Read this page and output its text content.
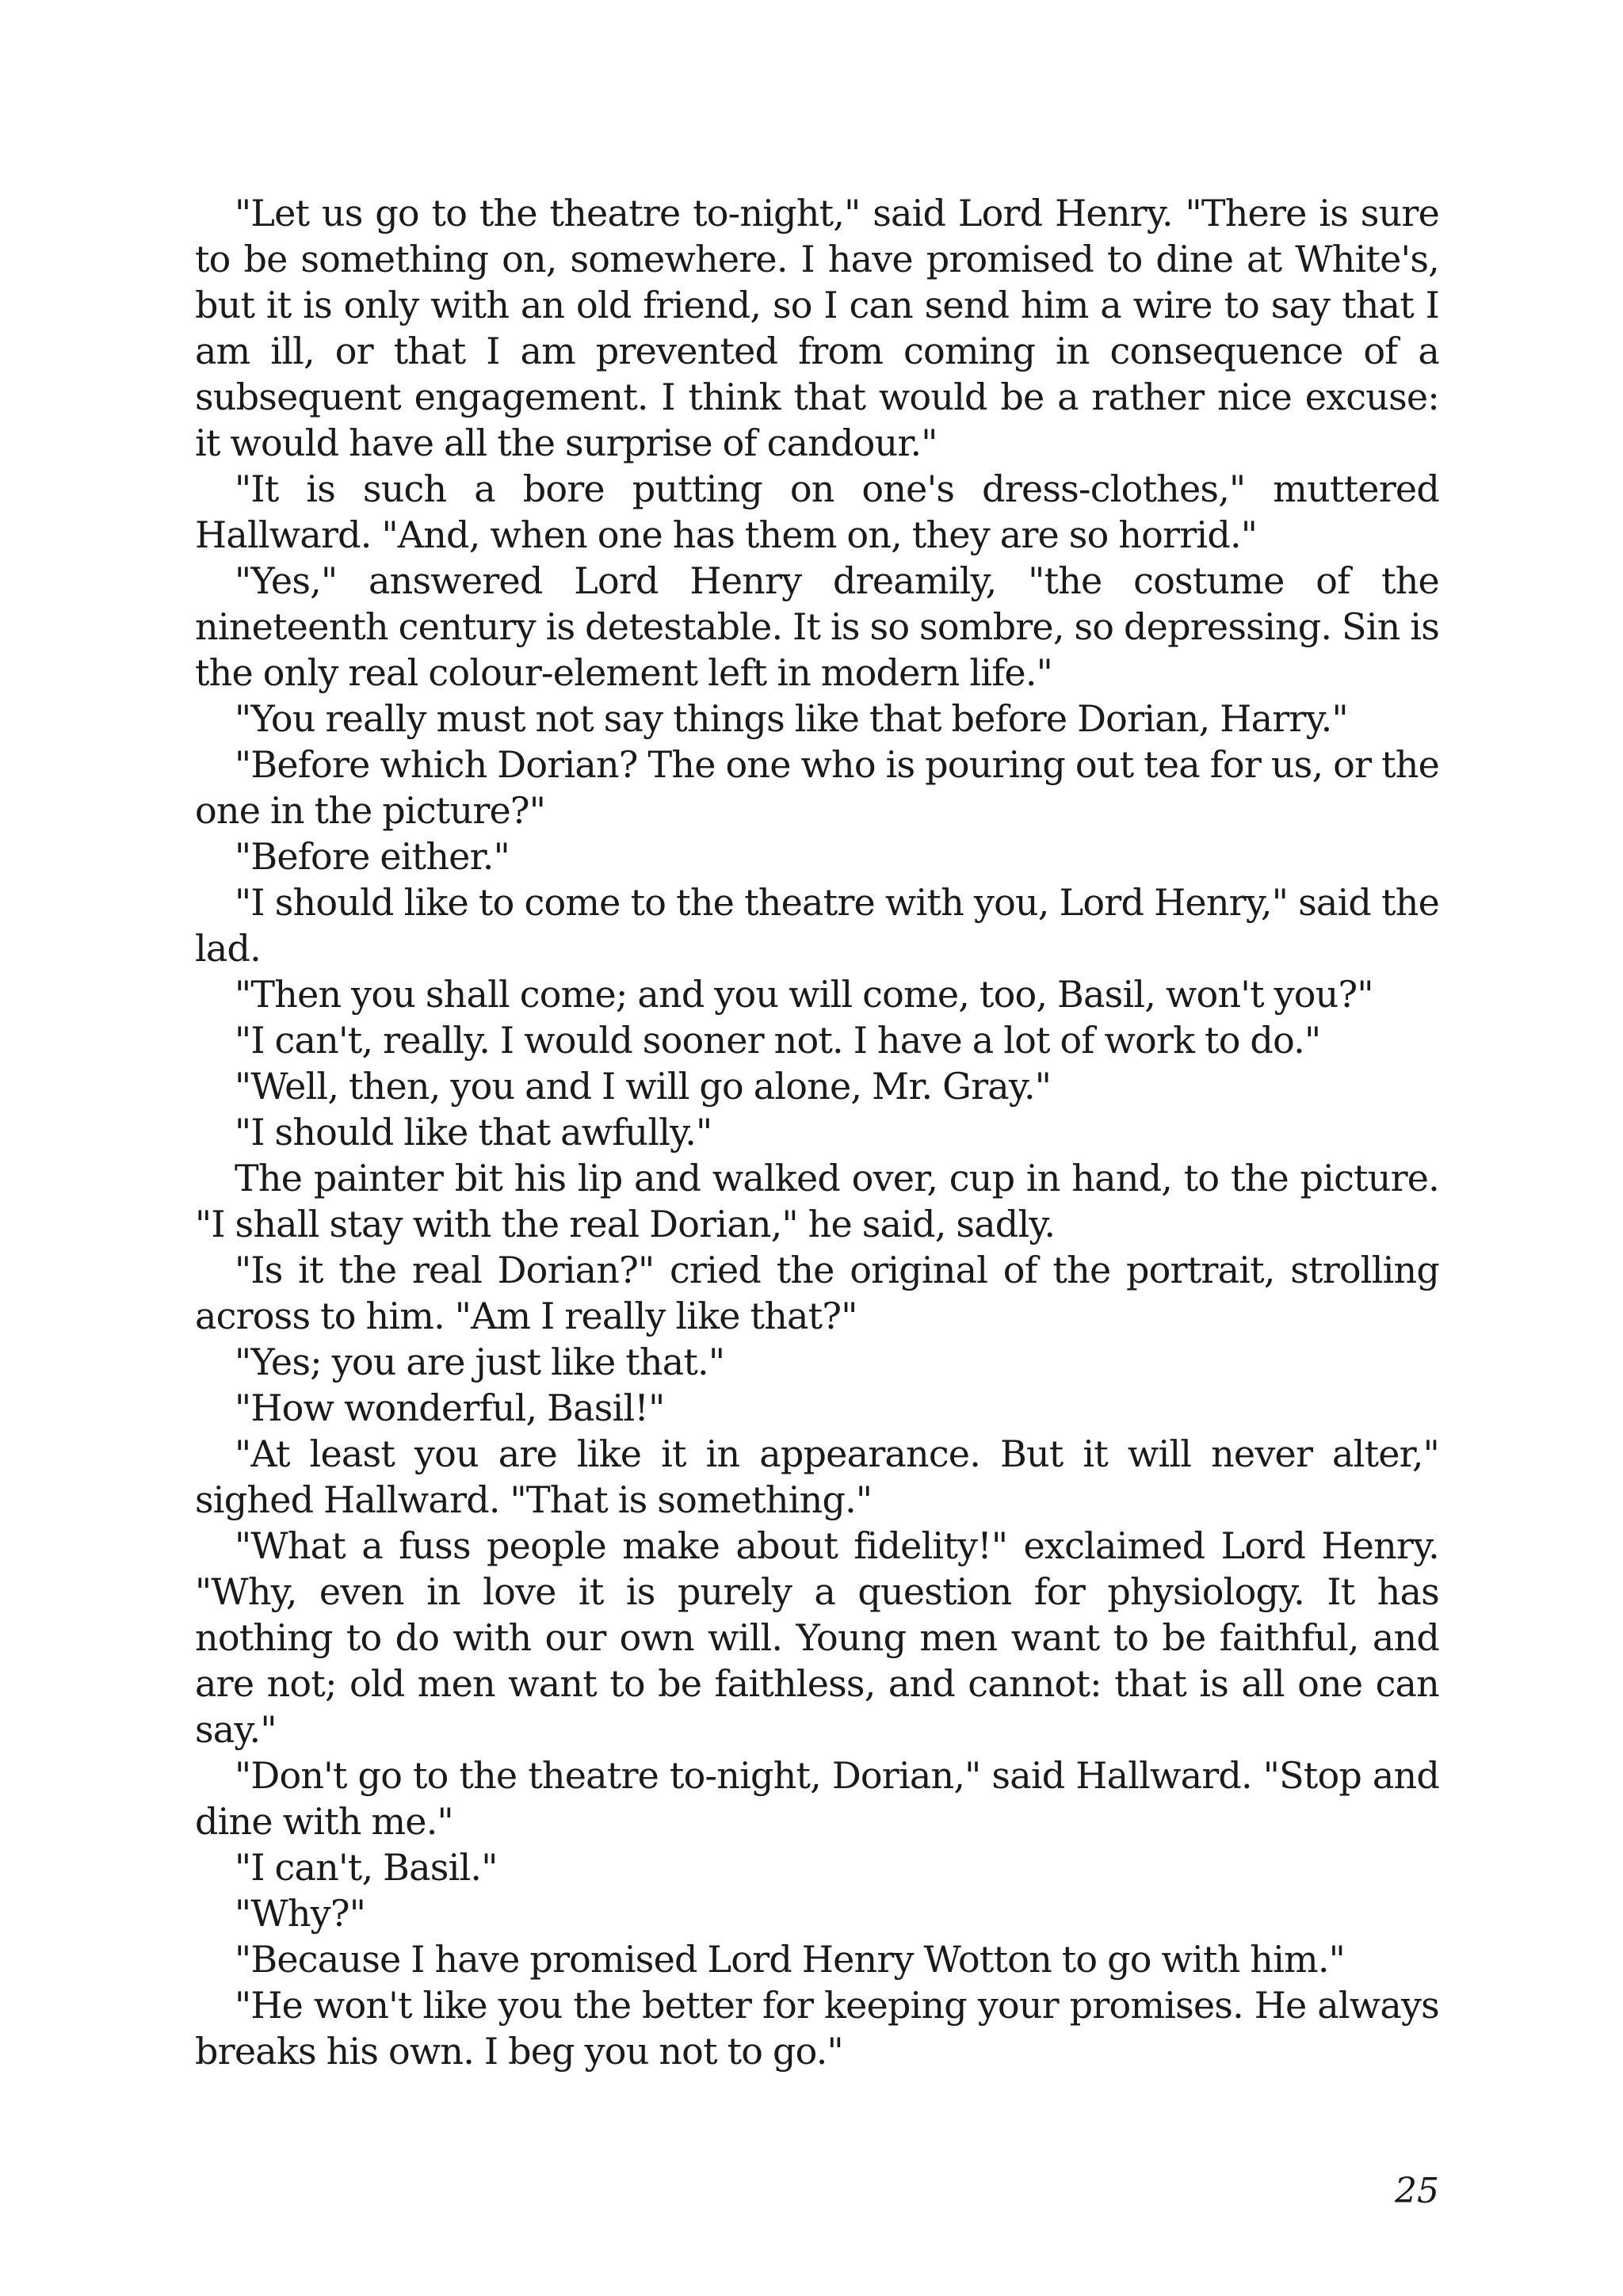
"Let us go to the theatre to-night," said Lord Henry. "There is sure to be something on, somewhere. I have promised to dine at White's, but it is only with an old friend, so I can send him a wire to say that I am ill, or that I am prevented from coming in consequence of a subsequent engagement. I think that would be a rather nice excuse: it would have all the surprise of candour."

"It is such a bore putting on one's dress-clothes," muttered Hallward. "And, when one has them on, they are so horrid."

"Yes," answered Lord Henry dreamily, "the costume of the nineteenth century is detestable. It is so sombre, so depressing. Sin is the only real colour-element left in modern life."

"You really must not say things like that before Dorian, Harry."

"Before which Dorian? The one who is pouring out tea for us, or the one in the picture?"

"Before either."

"I should like to come to the theatre with you, Lord Henry," said the lad.

"Then you shall come; and you will come, too, Basil, won't you?"

"I can't, really. I would sooner not. I have a lot of work to do."

"Well, then, you and I will go alone, Mr. Gray."

"I should like that awfully."

The painter bit his lip and walked over, cup in hand, to the picture. "I shall stay with the real Dorian," he said, sadly.

"Is it the real Dorian?" cried the original of the portrait, strolling across to him. "Am I really like that?"

"Yes; you are just like that."

"How wonderful, Basil!"

"At least you are like it in appearance. But it will never alter," sighed Hallward. "That is something."

"What a fuss people make about fidelity!" exclaimed Lord Henry. "Why, even in love it is purely a question for physiology. It has nothing to do with our own will. Young men want to be faithful, and are not; old men want to be faithless, and cannot: that is all one can say."

"Don't go to the theatre to-night, Dorian," said Hallward. "Stop and dine with me."

"I can't, Basil."

"Why?"

"Because I have promised Lord Henry Wotton to go with him."

"He won't like you the better for keeping your promises. He always breaks his own. I beg you not to go."

25
